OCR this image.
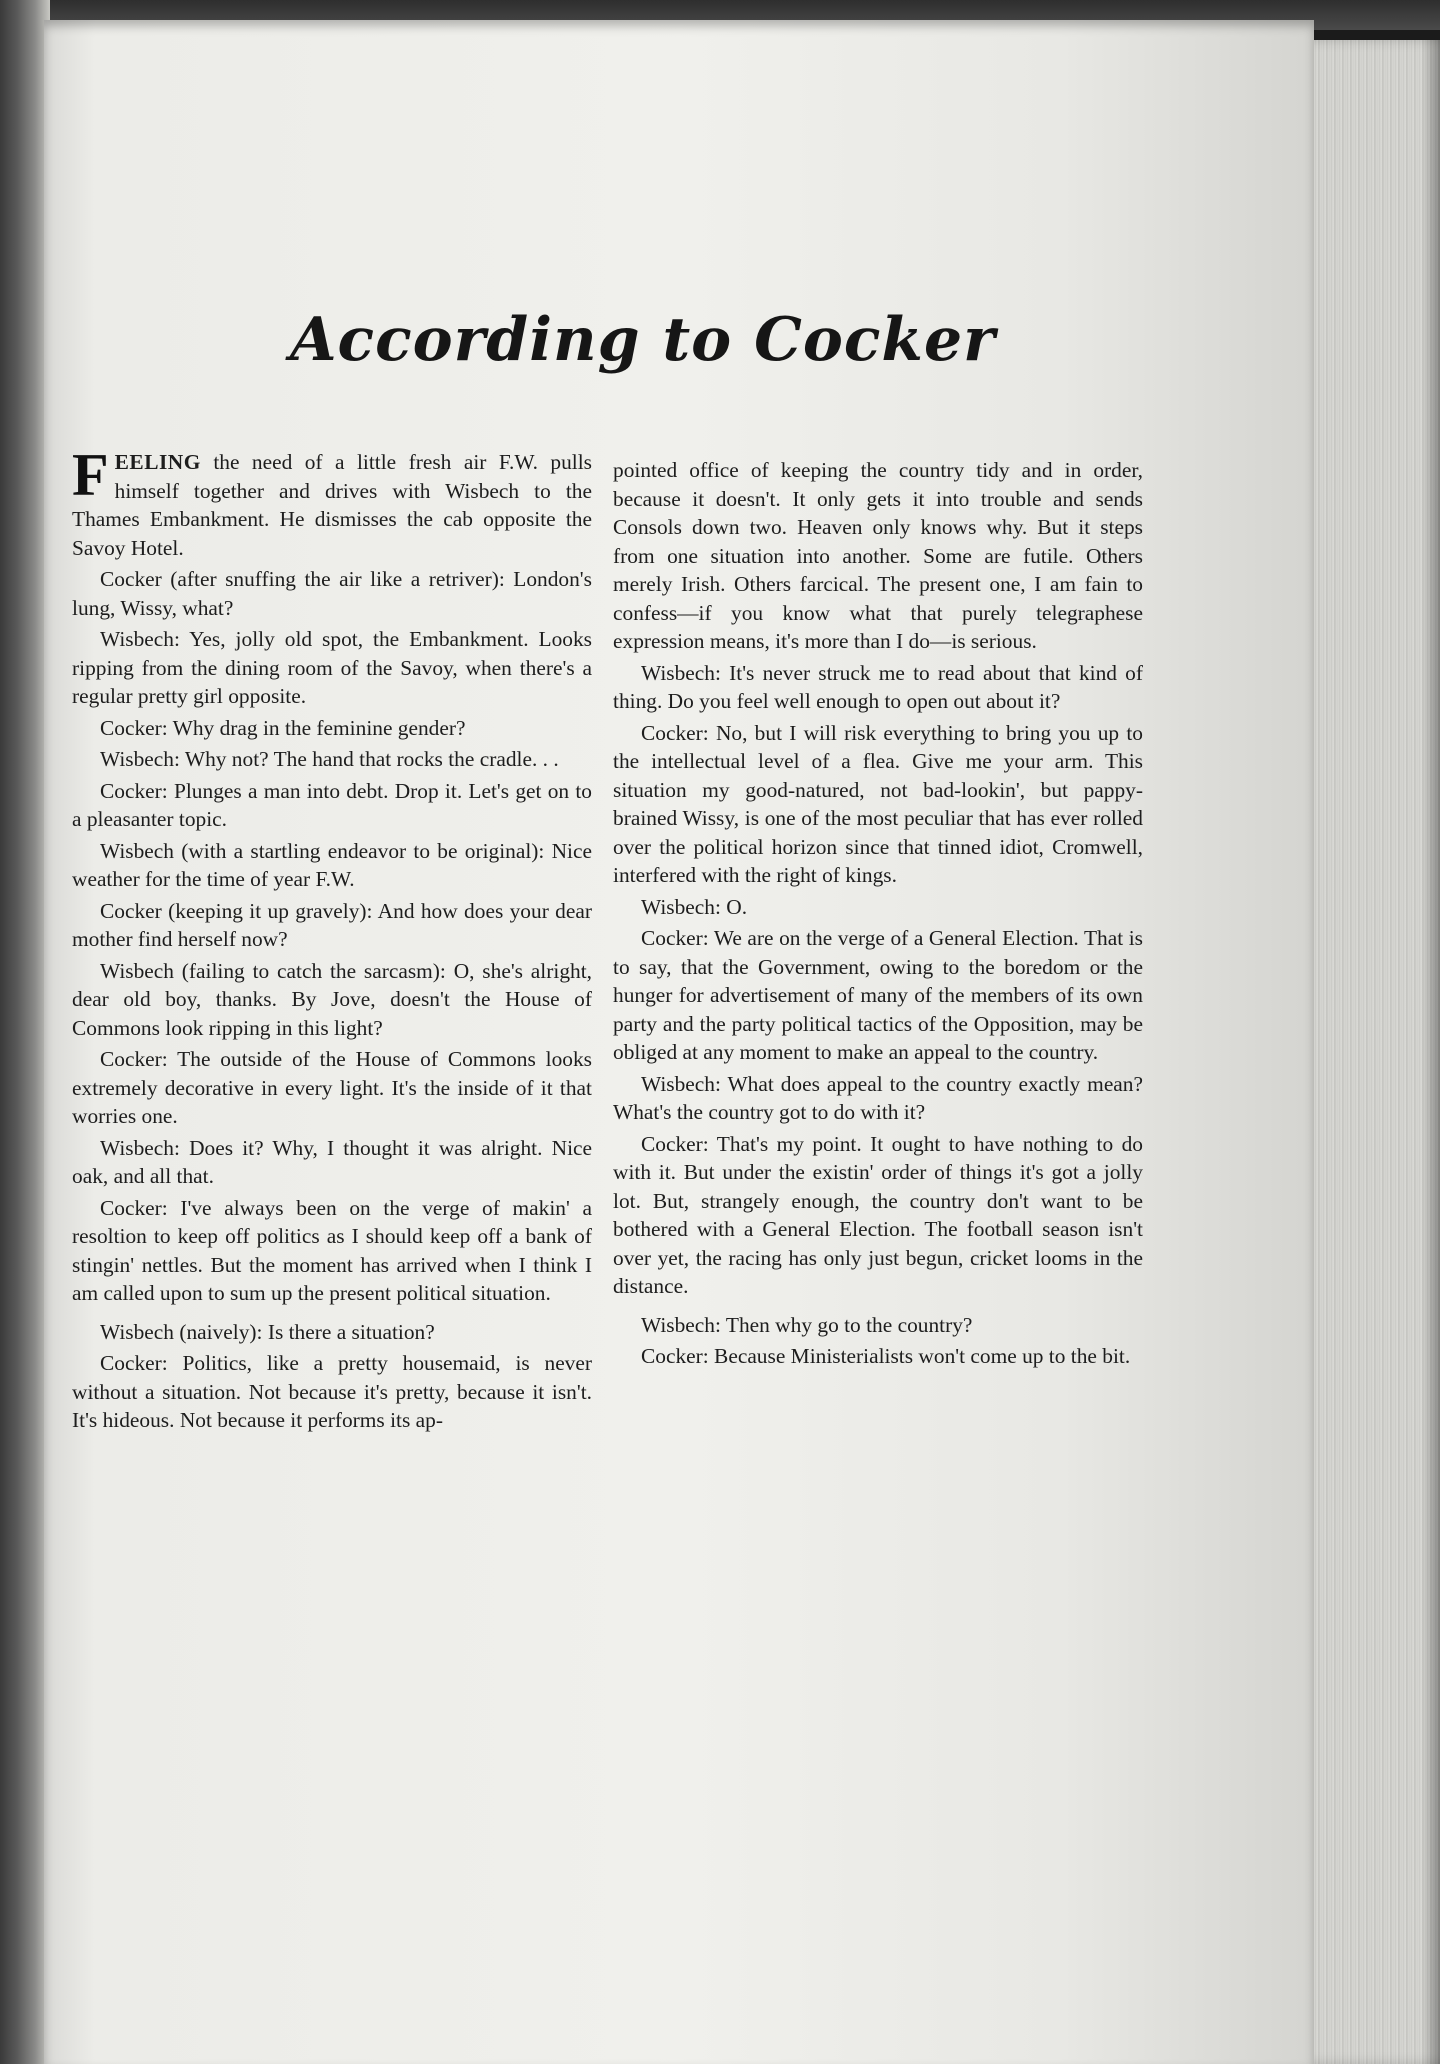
According to Cocker

FEELING the need of a little fresh air F.W. pulls himself together and drives with Wisbech to the Thames Embankment. He dismisses the cab opposite the Savoy Hotel.

Cocker (after snuffing the air like a retriver): London's lung, Wissy, what?

Wisbech: Yes, jolly old spot, the Embankment. Looks ripping from the dining room of the Savoy, when there's a regular pretty girl opposite.

Cocker: Why drag in the feminine gender?

Wisbech: Why not? The hand that rocks the cradle. . .

Cocker: Plunges a man into debt. Drop it. Let's get on to a pleasanter topic.

Wisbech (with a startling endeavor to be original): Nice weather for the time of year F.W.

Cocker (keeping it up gravely): And how does your dear mother find herself now?

Wisbech (failing to catch the sarcasm): O, she's alright, dear old boy, thanks. By Jove, doesn't the House of Commons look ripping in this light?

Cocker: The outside of the House of Commons looks extremely decorative in every light. It's the inside of it that worries one.

Wisbech: Does it? Why, I thought it was alright. Nice oak, and all that.

Cocker: I've always been on the verge of makin' a resoltion to keep off politics as I should keep off a bank of stingin' nettles. But the moment has arrived when I think I am called upon to sum up the present political situation.

Wisbech (naively): Is there a situation?

Cocker: Politics, like a pretty housemaid, is never without a situation. Not because it's pretty, because it isn't. It's hideous. Not because it performs its ap-

pointed office of keeping the country tidy and in order, because it doesn't. It only gets it into trouble and sends Consols down two. Heaven only knows why. But it steps from one situation into another. Some are futile. Others merely Irish. Others farcical. The present one, I am fain to confess—if you know what that purely telegraphese expression means, it's more than I do—is serious.

Wisbech: It's never struck me to read about that kind of thing. Do you feel well enough to open out about it?

Cocker: No, but I will risk everything to bring you up to the intellectual level of a flea. Give me your arm. This situation my good-natured, not bad-lookin', but pappy-brained Wissy, is one of the most peculiar that has ever rolled over the political horizon since that tinned idiot, Cromwell, interfered with the right of kings.

Wisbech: O.

Cocker: We are on the verge of a General Election. That is to say, that the Government, owing to the boredom or the hunger for advertisement of many of the members of its own party and the party political tactics of the Opposition, may be obliged at any moment to make an appeal to the country.

Wisbech: What does appeal to the country exactly mean? What's the country got to do with it?

Cocker: That's my point. It ought to have nothing to do with it. But under the existin' order of things it's got a jolly lot. But, strangely enough, the country don't want to be bothered with a General Election. The football season isn't over yet, the racing has only just begun, cricket looms in the distance.

Wisbech: Then why go to the country?

Cocker: Because Ministerialists won't come up to the bit.
